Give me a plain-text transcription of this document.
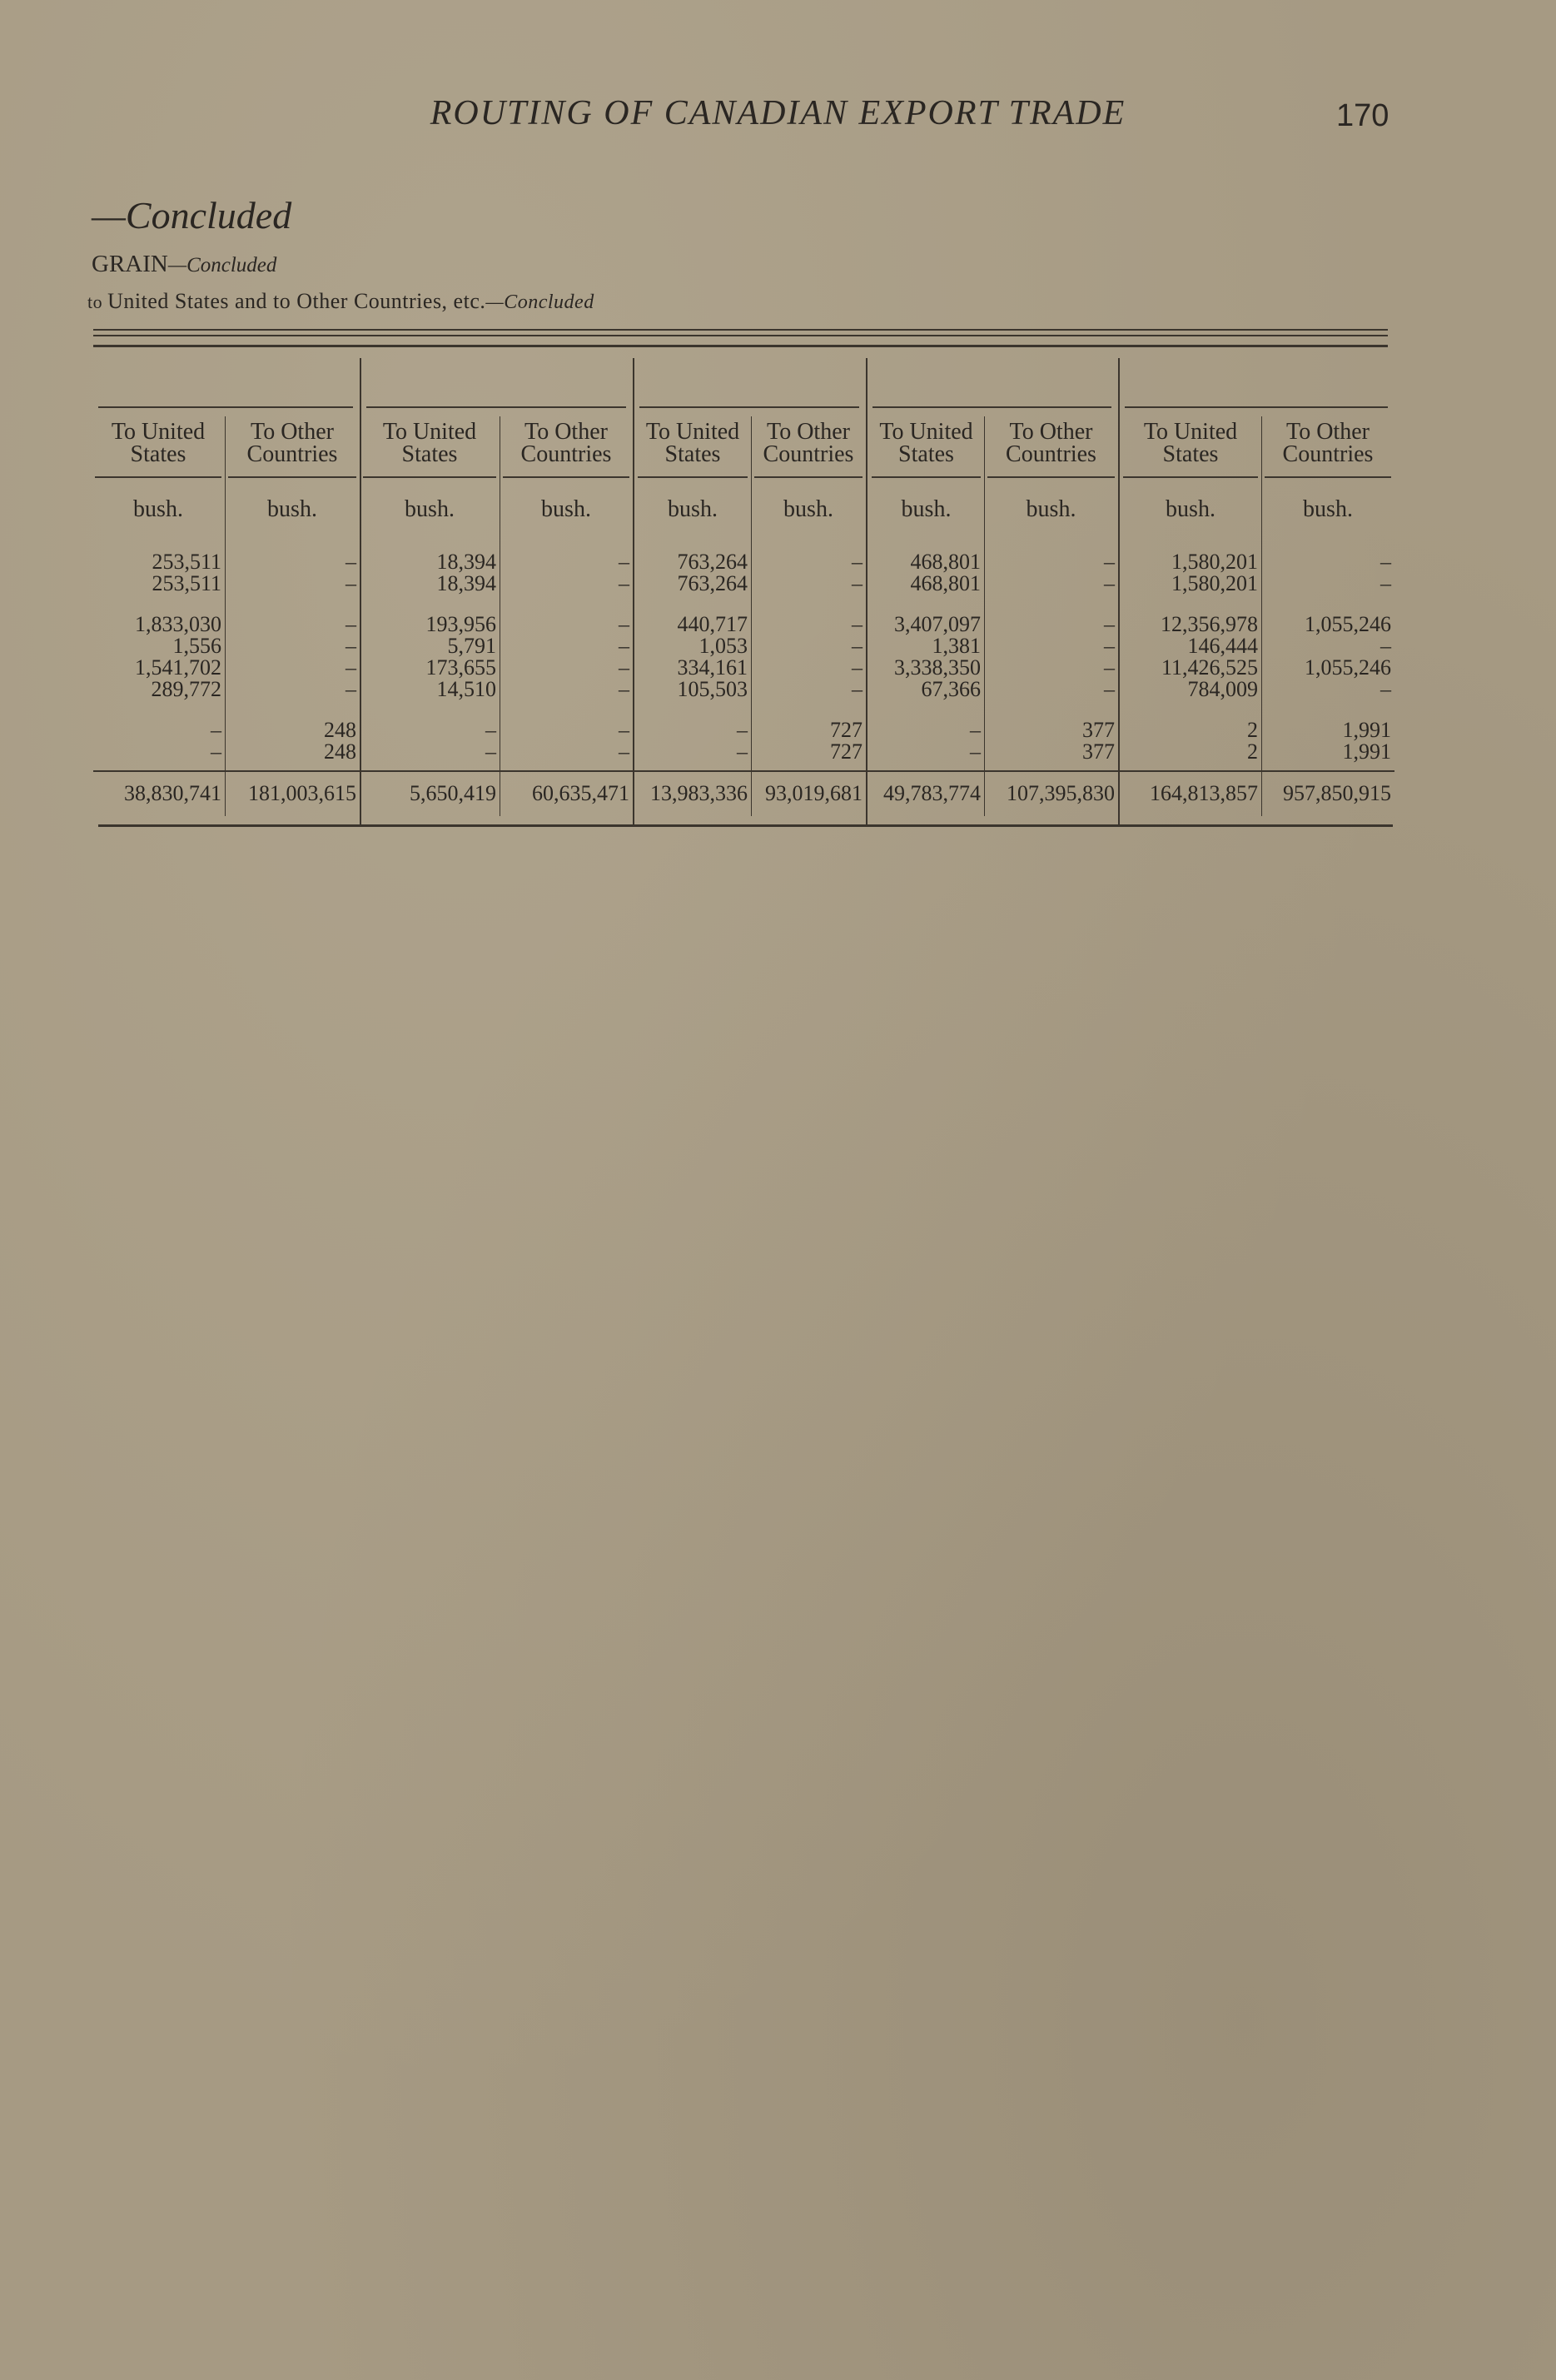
ROUTING OF CANADIAN EXPORT TRADE	170
—Concluded
GRAIN—Concluded
to United States and to Other Countries, etc.—Concluded
To United
States
To Other
Countries
To United
States
To Other
Countries
To United
States
To Other
Countries
To United
States
To Other
Countries
To United
States
To Other
Countries
bush.	bush.	bush.	bush.	bush.	bush.	bush.	bush.	bush.	bush.
253,511	–	18,394	–	763,264	–	468,801	–	1,580,201	–
253,511	–	18,394	–	763,264	–	468,801	–	1,580,201	–
1,833,030	–	193,956	–	440,717	–	3,407,097	–	12,356,978	1,055,246
1,556	–	5,791	–	1,053	–	1,381	–	146,444	–
1,541,702	–	173,655	–	334,161	–	3,338,350	–	11,426,525	1,055,246
289,772	–	14,510	–	105,503	–	67,366	–	784,009	–
–	248	–	–	–	727	–	377	2	1,991
–	248	–	–	–	727	–	377	2	1,991
38,830,741	181,003,615	5,650,419	60,635,471 13,983,336 93,019,681 49,783,774	107,395,830	164,813,857	957,850,915
